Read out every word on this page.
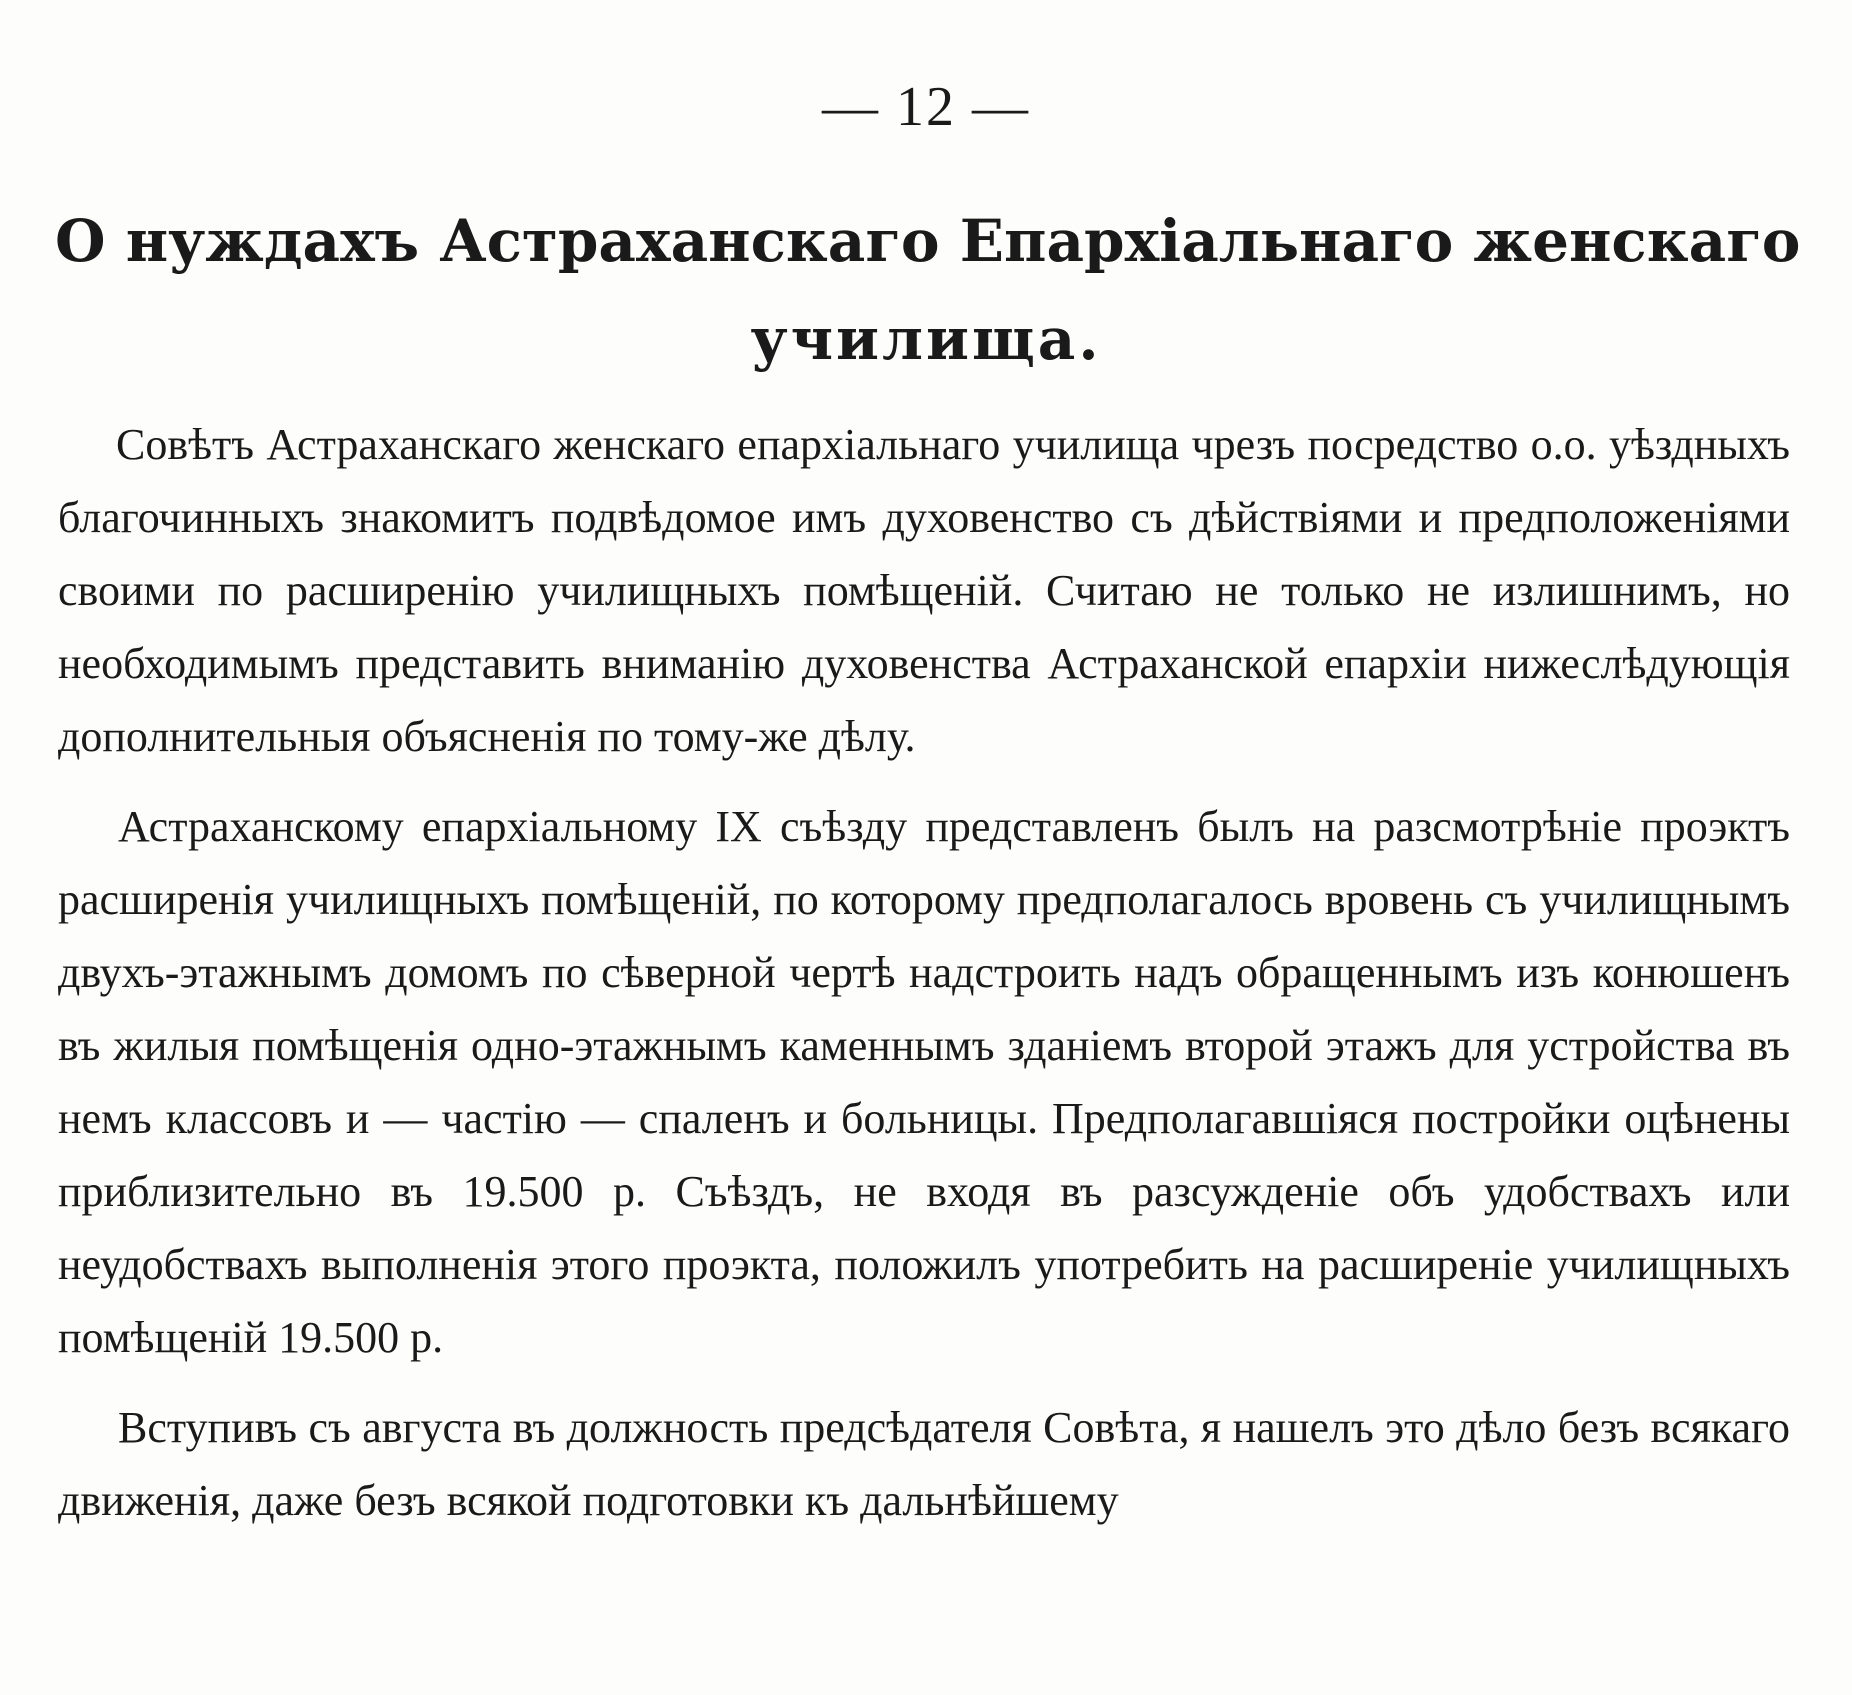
— 12 —
О нуждахъ Астраханскаго Епархіальнаго женскаго
училища.

Совѣтъ Астраханскаго женскаго епархіальнаго училища чрезъ посредство о.о. уѣздныхъ благочинныхъ знакомитъ подвѣдомое имъ духовенство съ дѣйствіями и предположеніями своими по расширенію училищныхъ помѣщеній. Считаю не только не излишнимъ, но необходимымъ представить вниманію духовенства Астраханской епархіи нижеслѣдующія дополнительныя объясненія по тому-же дѣлу.

Астраханскому епархіальному IX съѣзду представленъ былъ на разсмотрѣніе проэктъ расширенія училищныхъ помѣщеній, по которому предполагалось вровень съ училищнымъ двухъ-этажнымъ домомъ по сѣверной чертѣ надстроить надъ обращеннымъ изъ конюшенъ въ жилыя помѣщенія одно-этажнымъ каменнымъ зданіемъ второй этажъ для устройства въ немъ классовъ и — частію — спаленъ и больницы. Предполагавшіяся постройки оцѣнены приблизительно въ 19.500 р. Съѣздъ, не входя въ разсужденіе объ удобствахъ или неудобствахъ выполненія этого проэкта, положилъ употребить на расширеніе училищныхъ помѣщеній 19.500 р.

Вступивъ съ августа въ должность предсѣдателя Совѣта, я нашелъ это дѣло безъ всякаго движенія, даже безъ всякой подготовки къ дальнѣйшему
